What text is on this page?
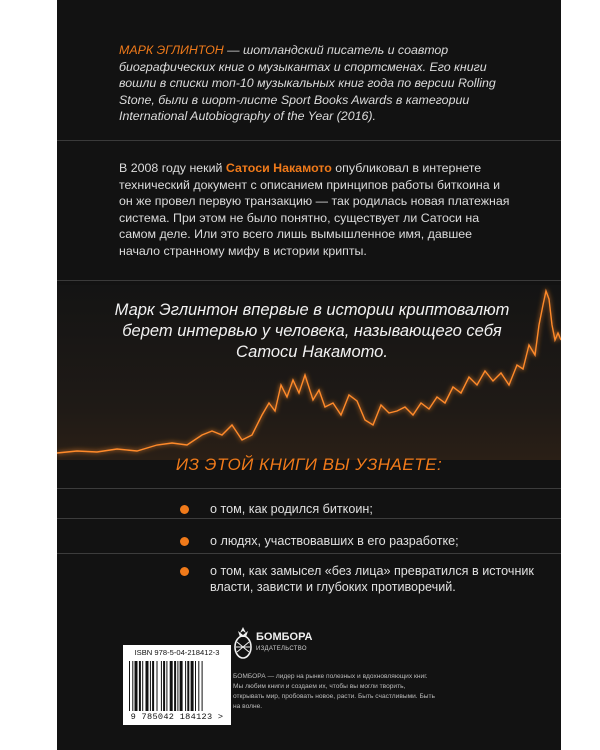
МАРК ЭГЛИНТОН — шотландский писатель и соавтор биографических книг о музыкантах и спортсменах. Его книги вошли в списки топ-10 музыкальных книг года по версии Rolling Stone, были в шорт-листе Sport Books Awards в категории International Autobiography of the Year (2016).

В 2008 году некий Сатоси Накамото опубликовал в интернете технический документ с описанием принципов работы биткоина и он же провел первую транзакцию — так родилась новая платежная система. При этом не было понятно, существует ли Сатоси на самом деле. Или это всего лишь вымышленное имя, давшее начало странному мифу в истории крипты.

Марк Эглинтон впервые в истории криптовалют берет интервью у человека, называющего себя Сатоси Накамото.

ИЗ ЭТОЙ КНИГИ ВЫ УЗНАЕТЕ:

о том, как родился биткоин;

о людях, участвовавших в его разработке;

о том, как замысел «без лица» превратился в источник власти, зависти и глубоких противоречий.

ISBN 978-5-04-218412-3
9 785042 184123 >
БОМБОРА
ИЗДАТЕЛЬСТВО

БОМБОРА — лидер на рынке полезных и вдохновляющих книг. Мы любим книги и создаем их, чтобы вы могли творить, открывать мир, пробовать новое, расти. Быть счастливыми. Быть на волне.
